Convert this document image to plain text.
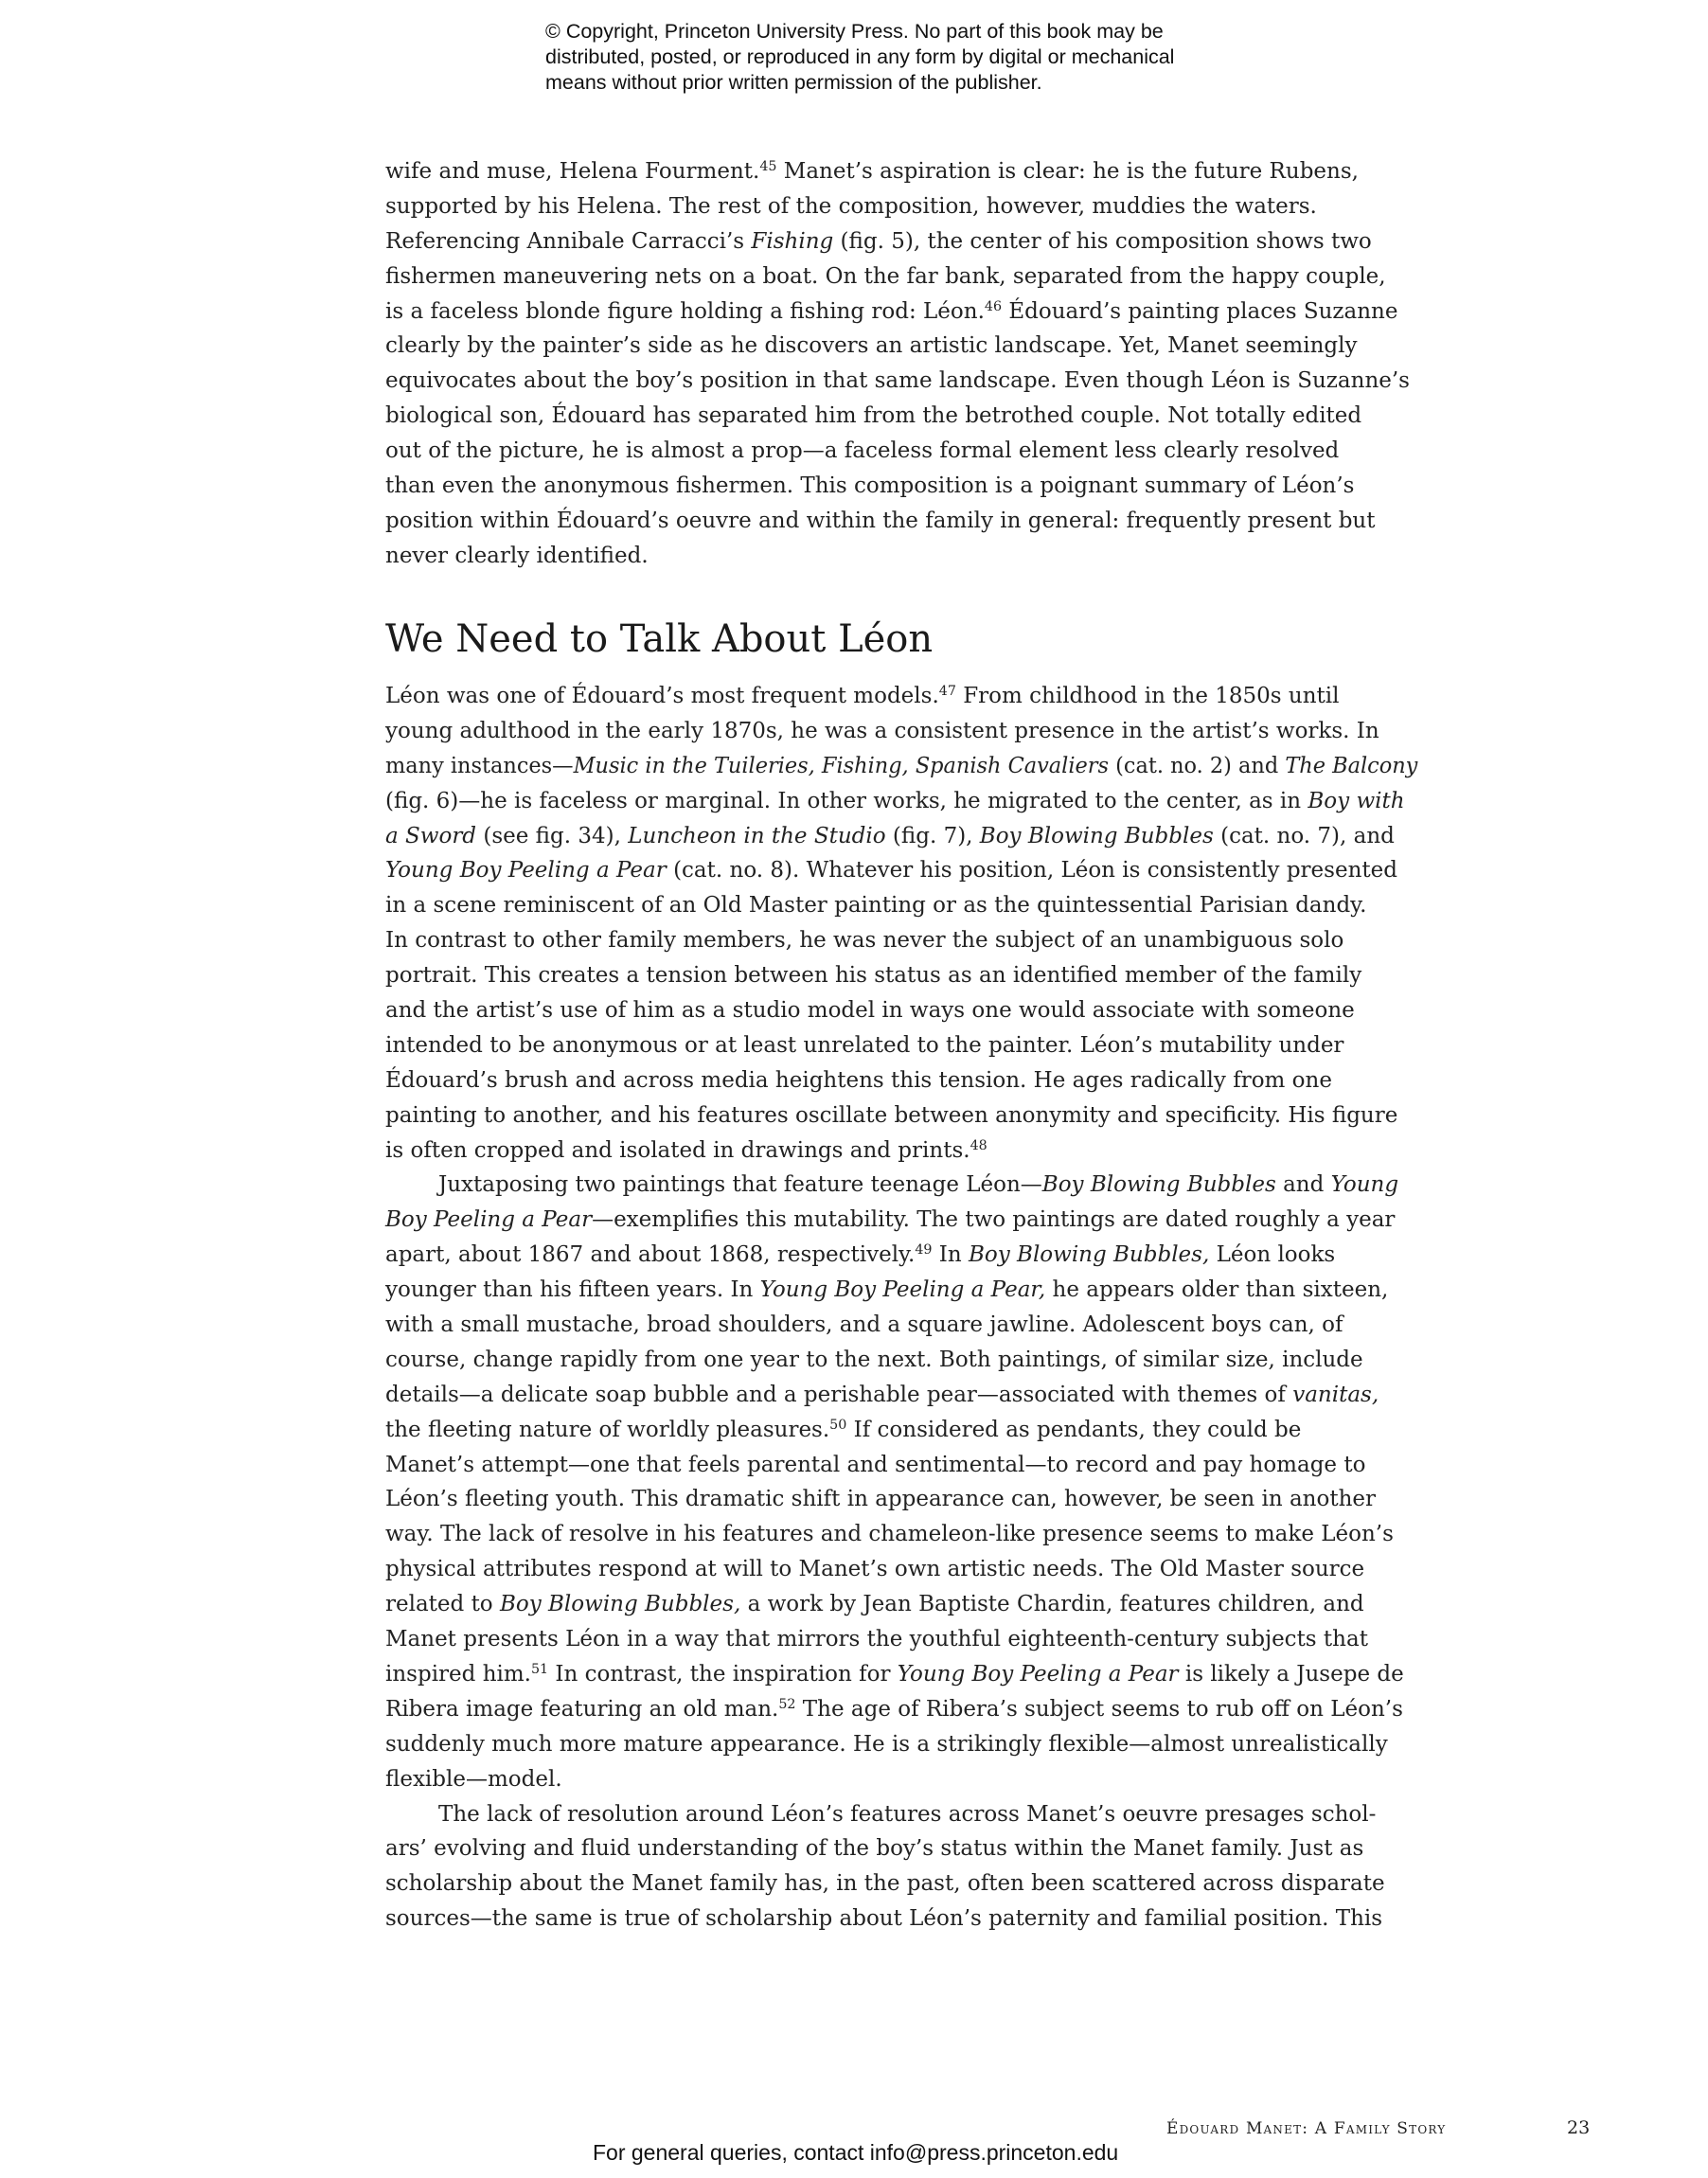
© Copyright, Princeton University Press. No part of this book may be
distributed, posted, or reproduced in any form by digital or mechanical
means without prior written permission of the publisher.
wife and muse, Helena Fourment.$^{45}$ Manet’s aspiration is clear: he is the future Rubens,
supported by his Helena. The rest of the composition, however, muddies the waters.
Referencing Annibale Carracci’s Fishing (fig. 5), the center of his composition shows two
fishermen maneuvering nets on a boat. On the far bank, separated from the happy couple,
is a faceless blonde figure holding a fishing rod: Léon.$^{46}$ Édouard’s painting places Suzanne
clearly by the painter’s side as he discovers an artistic landscape. Yet, Manet seemingly
equivocates about the boy’s position in that same landscape. Even though Léon is Suzanne’s
biological son, Édouard has separated him from the betrothed couple. Not totally edited
out of the picture, he is almost a prop—a faceless formal element less clearly resolved
than even the anonymous fishermen. This composition is a poignant summary of Léon’s
position within Édouard’s oeuvre and within the family in general: frequently present but
never clearly identified.
We Need to Talk About Léon
Léon was one of Édouard’s most frequent models.$^{47}$ From childhood in the 1850s until
young adulthood in the early 1870s, he was a consistent presence in the artist’s works. In
many instances—Music in the Tuileries, Fishing, Spanish Cavaliers (cat. no. 2) and The Balcony
(fig. 6)—he is faceless or marginal. In other works, he migrated to the center, as in Boy with
a Sword (see fig. 34), Luncheon in the Studio (fig. 7), Boy Blowing Bubbles (cat. no. 7), and
Young Boy Peeling a Pear (cat. no. 8). Whatever his position, Léon is consistently presented
in a scene reminiscent of an Old Master painting or as the quintessential Parisian dandy.
In contrast to other family members, he was never the subject of an unambiguous solo
portrait. This creates a tension between his status as an identified member of the family
and the artist’s use of him as a studio model in ways one would associate with someone
intended to be anonymous or at least unrelated to the painter. Léon’s mutability under
Édouard’s brush and across media heightens this tension. He ages radically from one
painting to another, and his features oscillate between anonymity and specificity. His figure
is often cropped and isolated in drawings and prints.$^{48}$
Juxtaposing two paintings that feature teenage Léon—Boy Blowing Bubbles and Young
Boy Peeling a Pear—exemplifies this mutability. The two paintings are dated roughly a year
apart, about 1867 and about 1868, respectively.$^{49}$ In Boy Blowing Bubbles, Léon looks
younger than his fifteen years. In Young Boy Peeling a Pear, he appears older than sixteen,
with a small mustache, broad shoulders, and a square jawline. Adolescent boys can, of
course, change rapidly from one year to the next. Both paintings, of similar size, include
details—a delicate soap bubble and a perishable pear—associated with themes of vanitas,
the fleeting nature of worldly pleasures.$^{50}$ If considered as pendants, they could be
Manet’s attempt—one that feels parental and sentimental—to record and pay homage to
Léon’s fleeting youth. This dramatic shift in appearance can, however, be seen in another
way. The lack of resolve in his features and chameleon-like presence seems to make Léon’s
physical attributes respond at will to Manet’s own artistic needs. The Old Master source
related to Boy Blowing Bubbles, a work by Jean Baptiste Chardin, features children, and
Manet presents Léon in a way that mirrors the youthful eighteenth-century subjects that
inspired him.$^{51}$ In contrast, the inspiration for Young Boy Peeling a Pear is likely a Jusepe de
Ribera image featuring an old man.$^{52}$ The age of Ribera’s subject seems to rub off on Léon’s
suddenly much more mature appearance. He is a strikingly flexible—almost unrealistically
flexible—model.
The lack of resolution around Léon’s features across Manet’s oeuvre presages schol-
ars’ evolving and fluid understanding of the boy’s status within the Manet family. Just as
scholarship about the Manet family has, in the past, often been scattered across disparate
sources—the same is true of scholarship about Léon’s paternity and familial position. This
Édouard Manet: A Family Story	23
For general queries, contact info@press.princeton.edu
